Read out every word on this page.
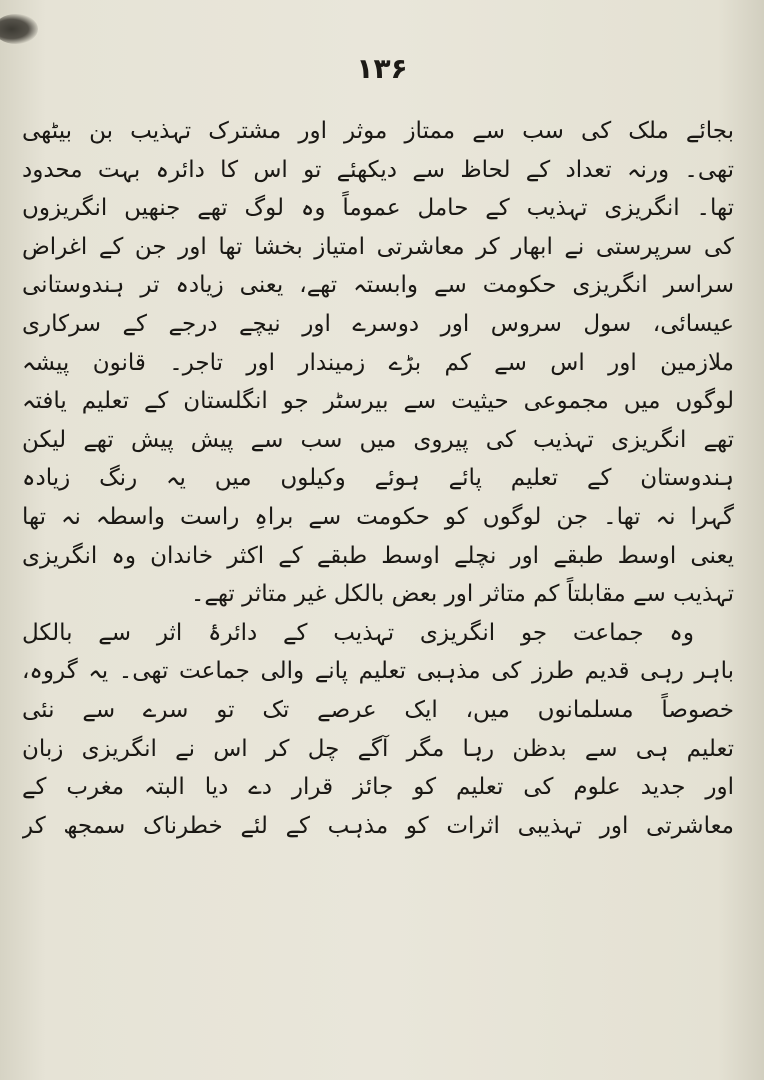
۱۳۶
بجائے ملک کی سب سے ممتاز موثر اور مشترک تہذیب بن بیٹھی
تھی۔ ورنہ تعداد کے لحاظ سے دیکھئے تو اس کا دائرہ بہت محدود
تھا۔ انگریزی تہذیب کے حامل عموماً وہ لوگ تھے جنھیں انگریزوں
کی سرپرستی نے ابھار کر معاشرتی امتیاز بخشا تھا اور جن کے اغراض
سراسر انگریزی حکومت سے وابستہ تھے، یعنی زیادہ تر ہندوستانی
عیسائی، سول سروس اور دوسرے اور نیچے درجے کے سرکاری
ملازمین اور اس سے کم بڑے زمیندار اور تاجر۔ قانون پیشہ
لوگوں میں مجموعی حیثیت سے بیرسٹر جو انگلستان کے تعلیم یافتہ
تھے انگریزی تہذیب کی پیروی میں سب سے پیش پیش تھے لیکن
ہندوستان کے تعلیم پائے ہوئے وکیلوں میں یہ رنگ زیادہ
گہرا نہ تھا۔ جن لوگوں کو حکومت سے براہِ راست واسطہ نہ تھا
یعنی اوسط طبقے اور نچلے اوسط طبقے کے اکثر خاندان وہ انگریزی
تہذیب سے مقابلتاً کم متاثر اور بعض بالکل غیر متاثر تھے۔
وہ جماعت جو انگریزی تہذیب کے دائرۂ اثر سے بالکل
باہر رہی قدیم طرز کی مذہبی تعلیم پانے والی جماعت تھی۔ یہ گروہ،
خصوصاً مسلمانوں میں، ایک عرصے تک تو سرے سے نئی
تعلیم ہی سے بدظن رہا مگر آگے چل کر اس نے انگریزی زبان
اور جدید علوم کی تعلیم کو جائز قرار دے دیا البتہ مغرب کے
معاشرتی اور تہذیبی اثرات کو مذہب کے لئے خطرناک سمجھ کر
